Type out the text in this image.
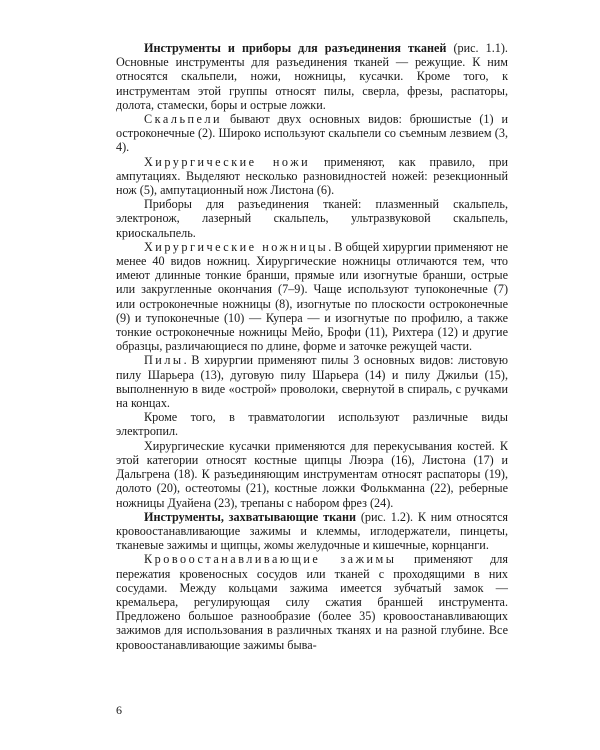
Инструменты и приборы для разъединения тканей (рис. 1.1). Основные инструменты для разъединения тканей — режущие. К ним относятся скальпели, ножи, ножницы, кусачки. Кроме того, к инструментам этой группы относят пилы, сверла, фрезы, распаторы, долота, стамески, боры и острые ложки.

Скальпели бывают двух основных видов: брюшистые (1) и остроконечные (2). Широко используют скальпели со съемным лезвием (3, 4).

Хирургические ножи применяют, как правило, при ампутациях. Выделяют несколько разновидностей ножей: резекционный нож (5), ампутационный нож Листона (6).

Приборы для разъединения тканей: плазменный скальпель, электронож, лазерный скальпель, ультразвуковой скальпель, криоскальпель.

Хирургические ножницы. В общей хирургии применяют не менее 40 видов ножниц. Хирургические ножницы отличаются тем, что имеют длинные тонкие бранши, прямые или изогнутые бранши, острые или закругленные окончания (7–9). Чаще используют тупоконечные (7) или остроконечные ножницы (8), изогнутые по плоскости остроконечные (9) и тупоконечные (10) — Купера — и изогнутые по профилю, а также тонкие остроконечные ножницы Мейо, Брофи (11), Рихтера (12) и другие образцы, различающиеся по длине, форме и заточке режущей части.

Пилы. В хирургии применяют пилы 3 основных видов: листовую пилу Шарьера (13), дуговую пилу Шарьера (14) и пилу Джильи (15), выполненную в виде «острой» проволоки, свернутой в спираль, с ручками на концах.

Кроме того, в травматологии используют различные виды электропил.

Хирургические кусачки применяются для перекусывания костей. К этой категории относят костные щипцы Люэра (16), Листона (17) и Дальгрена (18). К разъединяющим инструментам относят распаторы (19), долото (20), остеотомы (21), костные ложки Фолькманна (22), реберные ножницы Дуайена (23), трепаны с набором фрез (24).

Инструменты, захватывающие ткани (рис. 1.2). К ним относятся кровоостанавливающие зажимы и клеммы, иглодержатели, пинцеты, тканевые зажимы и щипцы, жомы желудочные и кишечные, корнцанги.

Кровоостанавливающие зажимы применяют для пережатия кровеносных сосудов или тканей с проходящими в них сосудами. Между кольцами зажима имеется зубчатый замок — кремальера, регулирующая силу сжатия браншей инструмента. Предложено большое разнообразие (более 35) кровоостанавливающих зажимов для использования в различных тканях и на разной глубине. Все кровоостанавливающие зажимы быва-

6
